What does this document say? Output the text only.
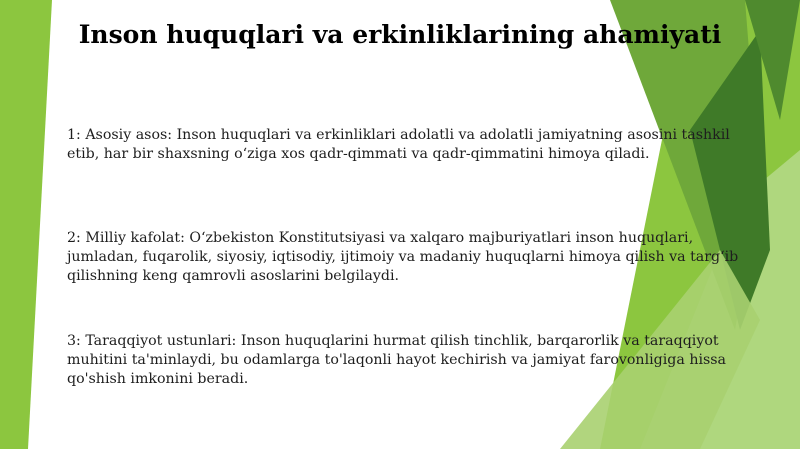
Inson huquqlari va erkinliklarining ahamiyati

1: Asosiy asos: Inson huquqlari va erkinliklari adolatli va adolatli jamiyatning asosini tashkil etib, har bir shaxsning o‘ziga xos qadr-qimmati va qadr-qimmatini himoya qiladi.

2: Milliy kafolat: O‘zbekiston Konstitutsiyasi va xalqaro majburiyatlari inson huquqlari, jumladan, fuqarolik, siyosiy, iqtisodiy, ijtimoiy va madaniy huquqlarni himoya qilish va targ‘ib qilishning keng qamrovli asoslarini belgilaydi.

3: Taraqqiyot ustunlari: Inson huquqlarini hurmat qilish tinchlik, barqarorlik va taraqqiyot muhitini ta'minlaydi, bu odamlarga to'laqonli hayot kechirish va jamiyat farovonligiga hissa qo'shish imkonini beradi.
